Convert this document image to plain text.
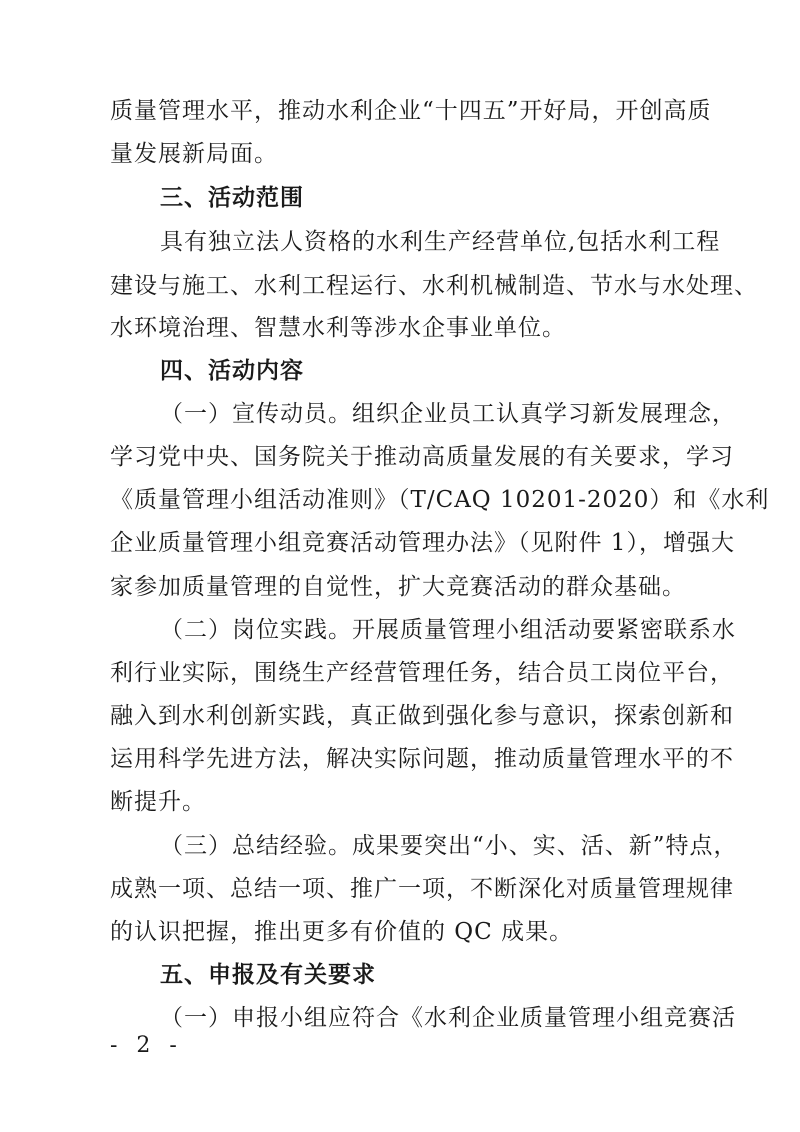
质量管理水平，推动水利企业“十四五”开好局，开创高质
量发展新局面。
三、活动范围
具有独立法人资格的水利生产经营单位,包括水利工程
建设与施工、水利工程运行、水利机械制造、节水与水处理、
水环境治理、智慧水利等涉水企事业单位。
四、活动内容
（一）宣传动员。组织企业员工认真学习新发展理念，
学习党中央、国务院关于推动高质量发展的有关要求，学习
《质量管理小组活动准则》（T/CAQ 10201-2020）和《水利
企业质量管理小组竞赛活动管理办法》（见附件 1），增强大
家参加质量管理的自觉性，扩大竞赛活动的群众基础。
（二）岗位实践。开展质量管理小组活动要紧密联系水
利行业实际，围绕生产经营管理任务，结合员工岗位平台，
融入到水利创新实践，真正做到强化参与意识，探索创新和
运用科学先进方法，解决实际问题，推动质量管理水平的不
断提升。
（三）总结经验。成果要突出“小、实、活、新”特点，
成熟一项、总结一项、推广一项，不断深化对质量管理规律
的认识把握，推出更多有价值的 QC 成果。
五、申报及有关要求
（一）申报小组应符合《水利企业质量管理小组竞赛活
- 2 -
